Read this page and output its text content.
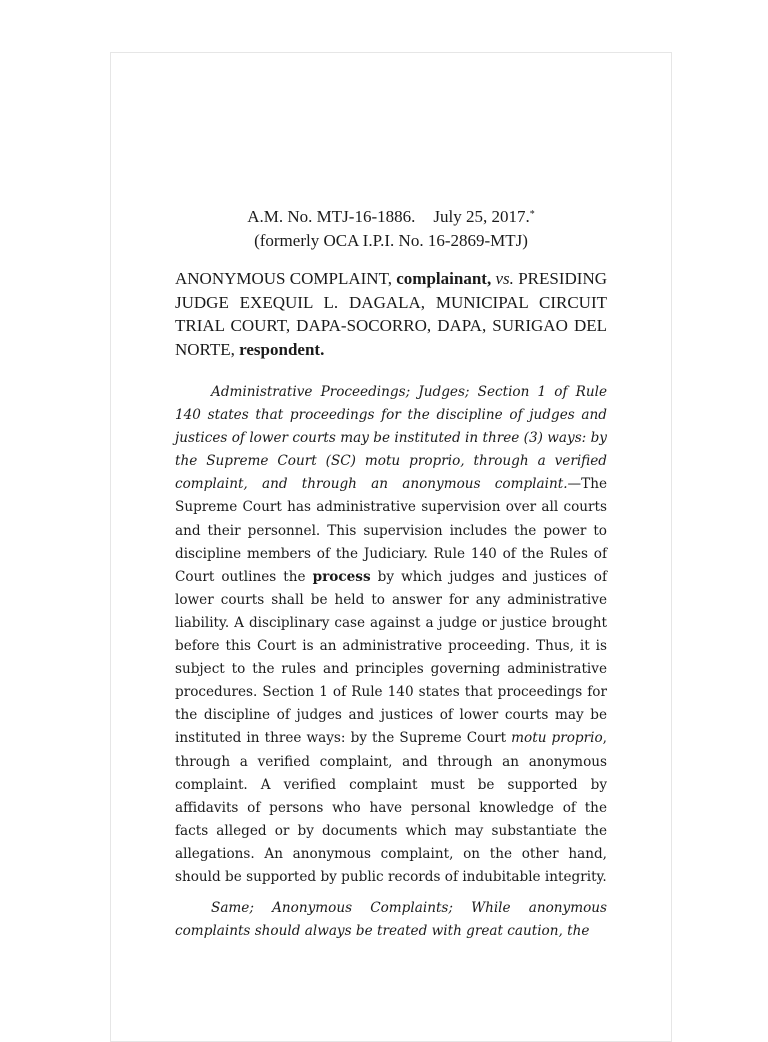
A.M. No. MTJ-16-1886. July 25, 2017.*
(formerly OCA I.P.I. No. 16-2869-MTJ)
ANONYMOUS COMPLAINT, complainant, vs. PRESIDING JUDGE EXEQUIL L. DAGALA, MUNICIPAL CIRCUIT TRIAL COURT, DAPA-SOCORRO, DAPA, SURIGAO DEL NORTE, respondent.

Administrative Proceedings; Judges; Section 1 of Rule 140 states that proceedings for the discipline of judges and justices of lower courts may be instituted in three (3) ways: by the Supreme Court (SC) motu proprio, through a verified complaint, and through an anonymous complaint.—The Supreme Court has administrative supervision over all courts and their personnel. This supervision includes the power to discipline members of the Judiciary. Rule 140 of the Rules of Court outlines the process by which judges and justices of lower courts shall be held to answer for any administrative liability. A disciplinary case against a judge or justice brought before this Court is an administrative proceeding. Thus, it is subject to the rules and principles governing administrative procedures. Section 1 of Rule 140 states that proceedings for the discipline of judges and justices of lower courts may be instituted in three ways: by the Supreme Court motu proprio, through a verified complaint, and through an anonymous complaint. A verified complaint must be supported by affidavits of persons who have personal knowledge of the facts alleged or by documents which may substantiate the allegations. An anonymous complaint, on the other hand, should be supported by public records of indubitable integrity.

Same; Anonymous Complaints; While anonymous complaints should always be treated with great caution, the
